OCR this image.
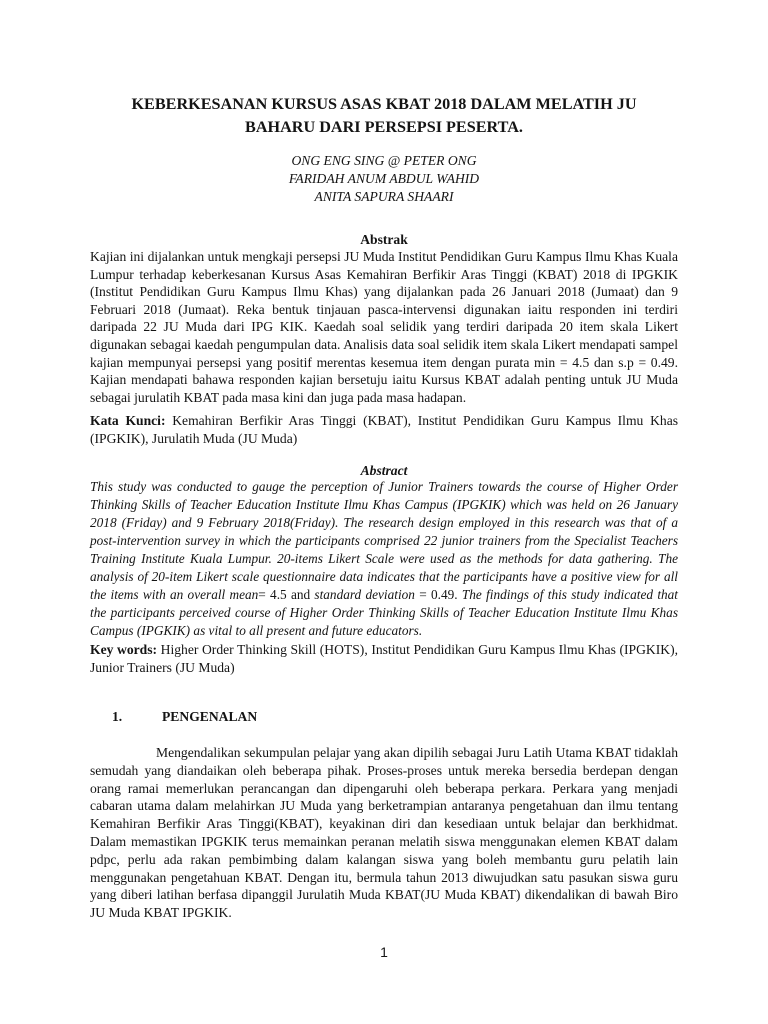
KEBERKESANAN KURSUS ASAS KBAT 2018 DALAM MELATIH JU
BAHARU DARI PERSEPSI PESERTA.
ONG ENG SING @ PETER ONG
FARIDAH ANUM ABDUL WAHID
ANITA SAPURA SHAARI
Abstrak
Kajian ini dijalankan untuk mengkaji persepsi JU Muda Institut Pendidikan Guru Kampus Ilmu Khas Kuala Lumpur terhadap keberkesanan Kursus Asas Kemahiran Berfikir Aras Tinggi (KBAT) 2018 di IPGKIK (Institut Pendidikan Guru Kampus Ilmu Khas) yang dijalankan pada 26 Januari 2018 (Jumaat) dan 9 Februari 2018 (Jumaat). Reka bentuk tinjauan pasca-intervensi digunakan iaitu responden ini terdiri daripada 22 JU Muda dari IPG KIK. Kaedah soal selidik yang terdiri daripada 20 item skala Likert digunakan sebagai kaedah pengumpulan data. Analisis data soal selidik item skala Likert mendapati sampel kajian mempunyai persepsi yang positif merentas kesemua item dengan purata min = 4.5 dan s.p = 0.49. Kajian mendapati bahawa responden kajian bersetuju iaitu Kursus KBAT adalah penting untuk JU Muda sebagai jurulatih KBAT pada masa kini dan juga pada masa hadapan.
Kata Kunci: Kemahiran Berfikir Aras Tinggi (KBAT), Institut Pendidikan Guru Kampus Ilmu Khas (IPGKIK), Jurulatih Muda (JU Muda)
Abstract
This study was conducted to gauge the perception of Junior Trainers towards the course of Higher Order Thinking Skills of Teacher Education Institute Ilmu Khas Campus (IPGKIK) which was held on 26 January 2018 (Friday) and 9 February 2018(Friday). The research design employed in this research was that of a post-intervention survey in which the participants comprised 22 junior trainers from the Specialist Teachers Training Institute Kuala Lumpur. 20-items Likert Scale were used as the methods for data gathering. The analysis of 20-item Likert scale questionnaire data indicates that the participants have a positive view for all the items with an overall mean= 4.5 and standard deviation = 0.49. The findings of this study indicated that the participants perceived course of Higher Order Thinking Skills of Teacher Education Institute Ilmu Khas Campus (IPGKIK) as vital to all present and future educators.
Key words: Higher Order Thinking Skill (HOTS), Institut Pendidikan Guru Kampus Ilmu Khas (IPGKIK), Junior Trainers (JU Muda)
1.	PENGENALAN
Mengendalikan sekumpulan pelajar yang akan dipilih sebagai Juru Latih Utama KBAT tidaklah semudah yang diandaikan oleh beberapa pihak. Proses-proses untuk mereka bersedia berdepan dengan orang ramai memerlukan perancangan dan dipengaruhi oleh beberapa perkara. Perkara yang menjadi cabaran utama dalam melahirkan JU Muda yang berketrampian antaranya pengetahuan dan ilmu tentang Kemahiran Berfikir Aras Tinggi(KBAT), keyakinan diri dan kesediaan untuk belajar dan berkhidmat. Dalam memastikan IPGKIK terus memainkan peranan melatih siswa menggunakan elemen KBAT dalam pdpc, perlu ada rakan pembimbing dalam kalangan siswa yang boleh membantu guru pelatih lain menggunakan pengetahuan KBAT. Dengan itu, bermula tahun 2013 diwujudkan satu pasukan siswa guru yang diberi latihan berfasa dipanggil Jurulatih Muda KBAT(JU Muda KBAT) dikendalikan di bawah Biro JU Muda KBAT IPGKIK.
1
